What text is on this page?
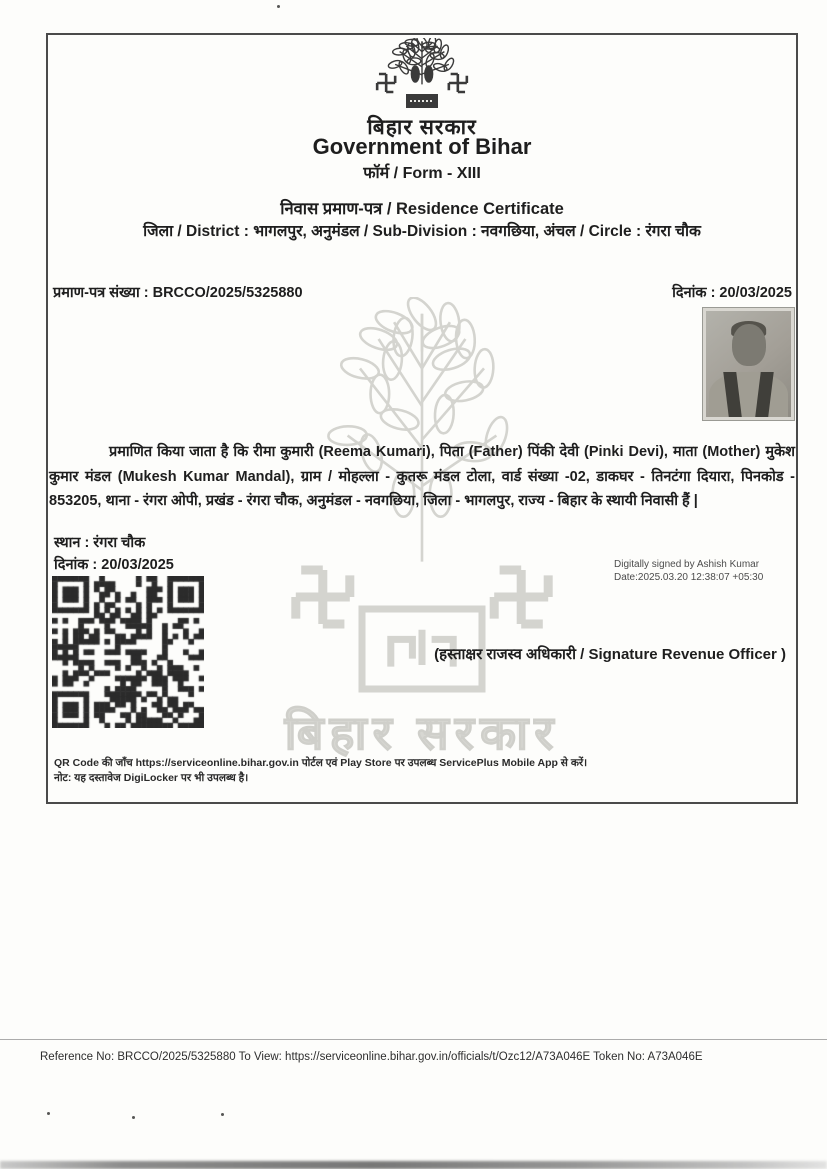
बिहार सरकार
बिहार सरकार
Government of Bihar
फॉर्म / Form - XIII
निवास प्रमाण-पत्र / Residence Certificate
जिला / District : भागलपुर, अनुमंडल / Sub-Division : नवगछिया, अंचल / Circle : रंगरा चौक
प्रमाण-पत्र संख्या : BRCCO/2025/5325880	दिनांक : 20/03/2025
प्रमाणित किया जाता है कि रीमा कुमारी (Reema Kumari), पिता (Father) पिंकी देवी (Pinki Devi), माता (Mother) मुकेश कुमार मंडल (Mukesh Kumar Mandal), ग्राम / मोहल्ला - कुतरू मंडल टोला, वार्ड संख्या -02, डाकघर - तिनटंगा दियारा, पिनकोड - 853205, थाना - रंगरा ओपी, प्रखंड - रंगरा चौक, अनुमंडल - नवगछिया, जिला - भागलपुर, राज्य - बिहार के स्थायी निवासी हैं |
स्थान : रंगरा चौक
दिनांक : 20/03/2025	Digitally signed by Ashish Kumar
Date:2025.03.20 12:38:07 +05:30
(हस्ताक्षर राजस्व अधिकारी / Signature Revenue Officer )
QR Code की जाँच https://serviceonline.bihar.gov.in पोर्टल एवं Play Store पर उपलब्ध ServicePlus Mobile App से करें।
नोट: यह दस्तावेज DigiLocker पर भी उपलब्ध है।
Reference No: BRCCO/2025/5325880 To View: https://serviceonline.bihar.gov.in/officials/t/Ozc12/A73A046E Token No: A73A046E
